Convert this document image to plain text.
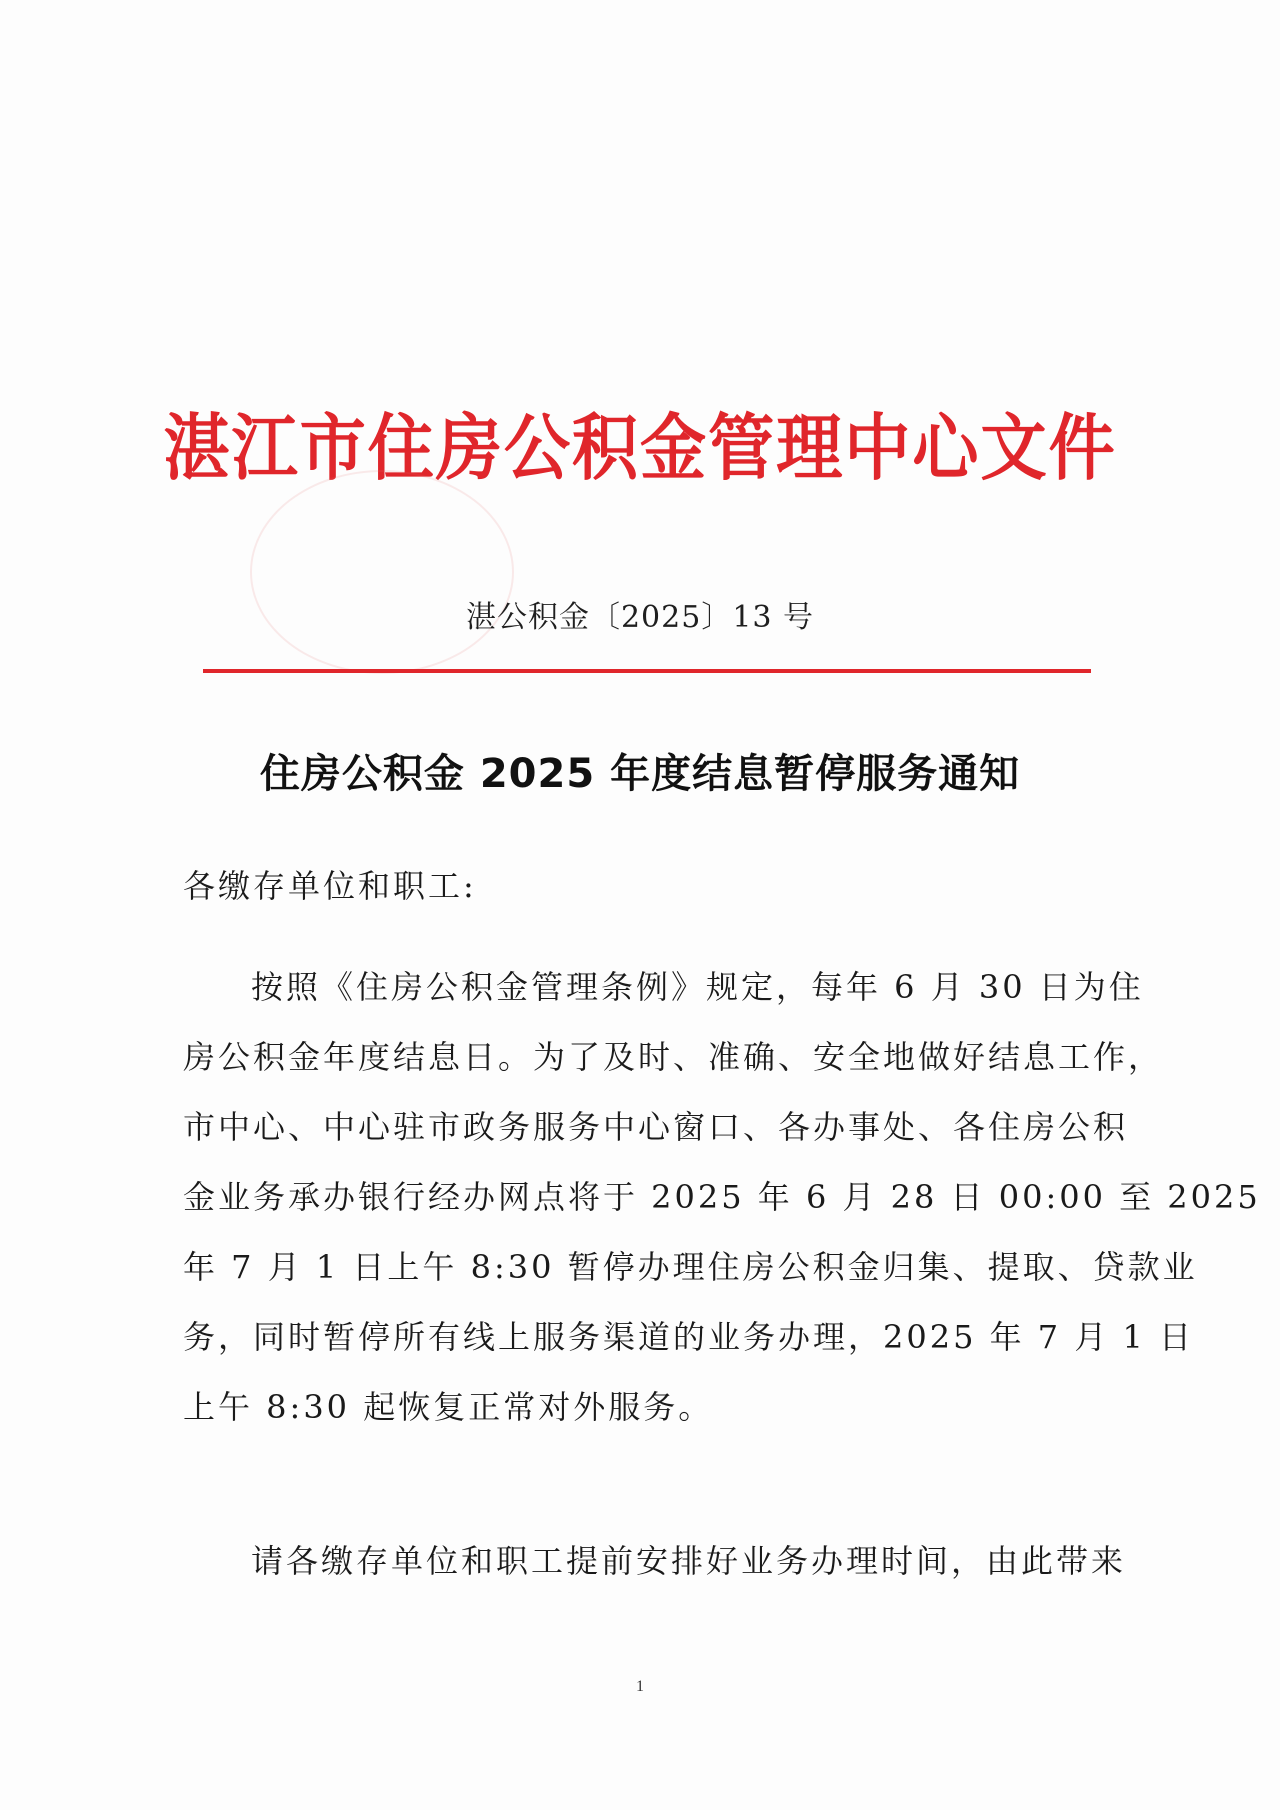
湛江市住房公积金管理中心文件
湛公积金〔2025〕13 号
住房公积金 2025 年度结息暂停服务通知
各缴存单位和职工:
按照《住房公积金管理条例》规定，每年 6 月 30 日为住
房公积金年度结息日。为了及时、准确、安全地做好结息工作，
市中心、中心驻市政务服务中心窗口、各办事处、各住房公积
金业务承办银行经办网点将于 2025 年 6 月 28 日 00:00 至 2025
年 7 月 1 日上午 8:30 暂停办理住房公积金归集、提取、贷款业
务，同时暂停所有线上服务渠道的业务办理，2025 年 7 月 1 日
上午 8:30 起恢复正常对外服务。
请各缴存单位和职工提前安排好业务办理时间，由此带来
1
